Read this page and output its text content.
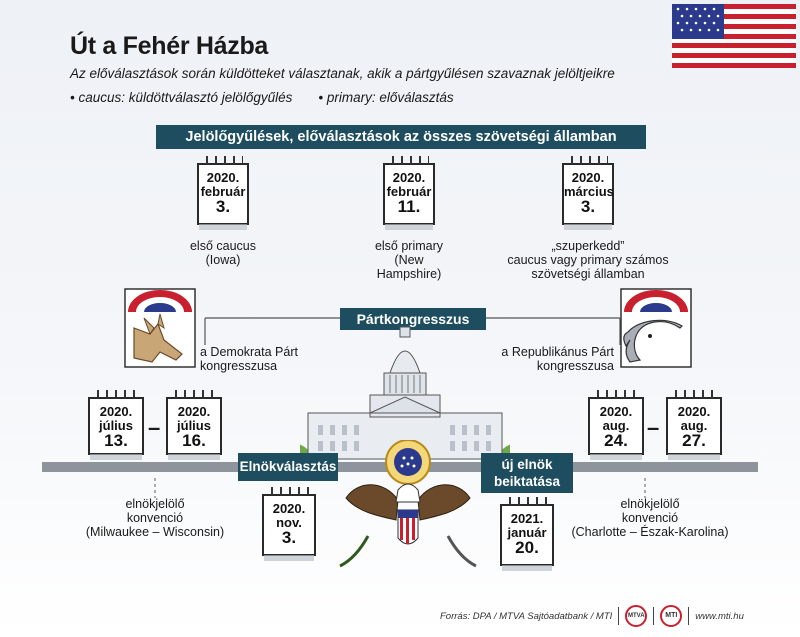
Út a Fehér Házba
Az előválasztások során küldötteket választanak, akik a pártgyűlésen szavaznak jelöltjeikre
• caucus: küldöttválasztó jelölőgyűlés • primary: előválasztás
Jelölőgyűlések, előválasztások az összes szövetségi államban
2020.
február
3.
első caucus
(Iowa)
2020.
február
11.
első primary
(New
Hampshire)
2020.
március
3.
„szuperkedd”
caucus vagy primary számos
szövetségi államban
Pártkongresszus
a Demokrata Párt
kongresszusa
a Republikánus Párt
kongresszusa
2020.
július
13.
–
2020.
július
16.
elnökjelölő
konvenció
(Milwaukee – Wisconsin)
2020.
aug.
24.
–
2020.
aug.
27.
elnökjelölő
konvenció
(Charlotte – Észak-Karolina)
Elnökválasztás
2020.
nov.
3.
új elnök
beiktatása
2021.
január
20.
Forrás: DPA / MTVA Sajtóadatbank / MTI	MTVA	MTI	www.mti.hu
